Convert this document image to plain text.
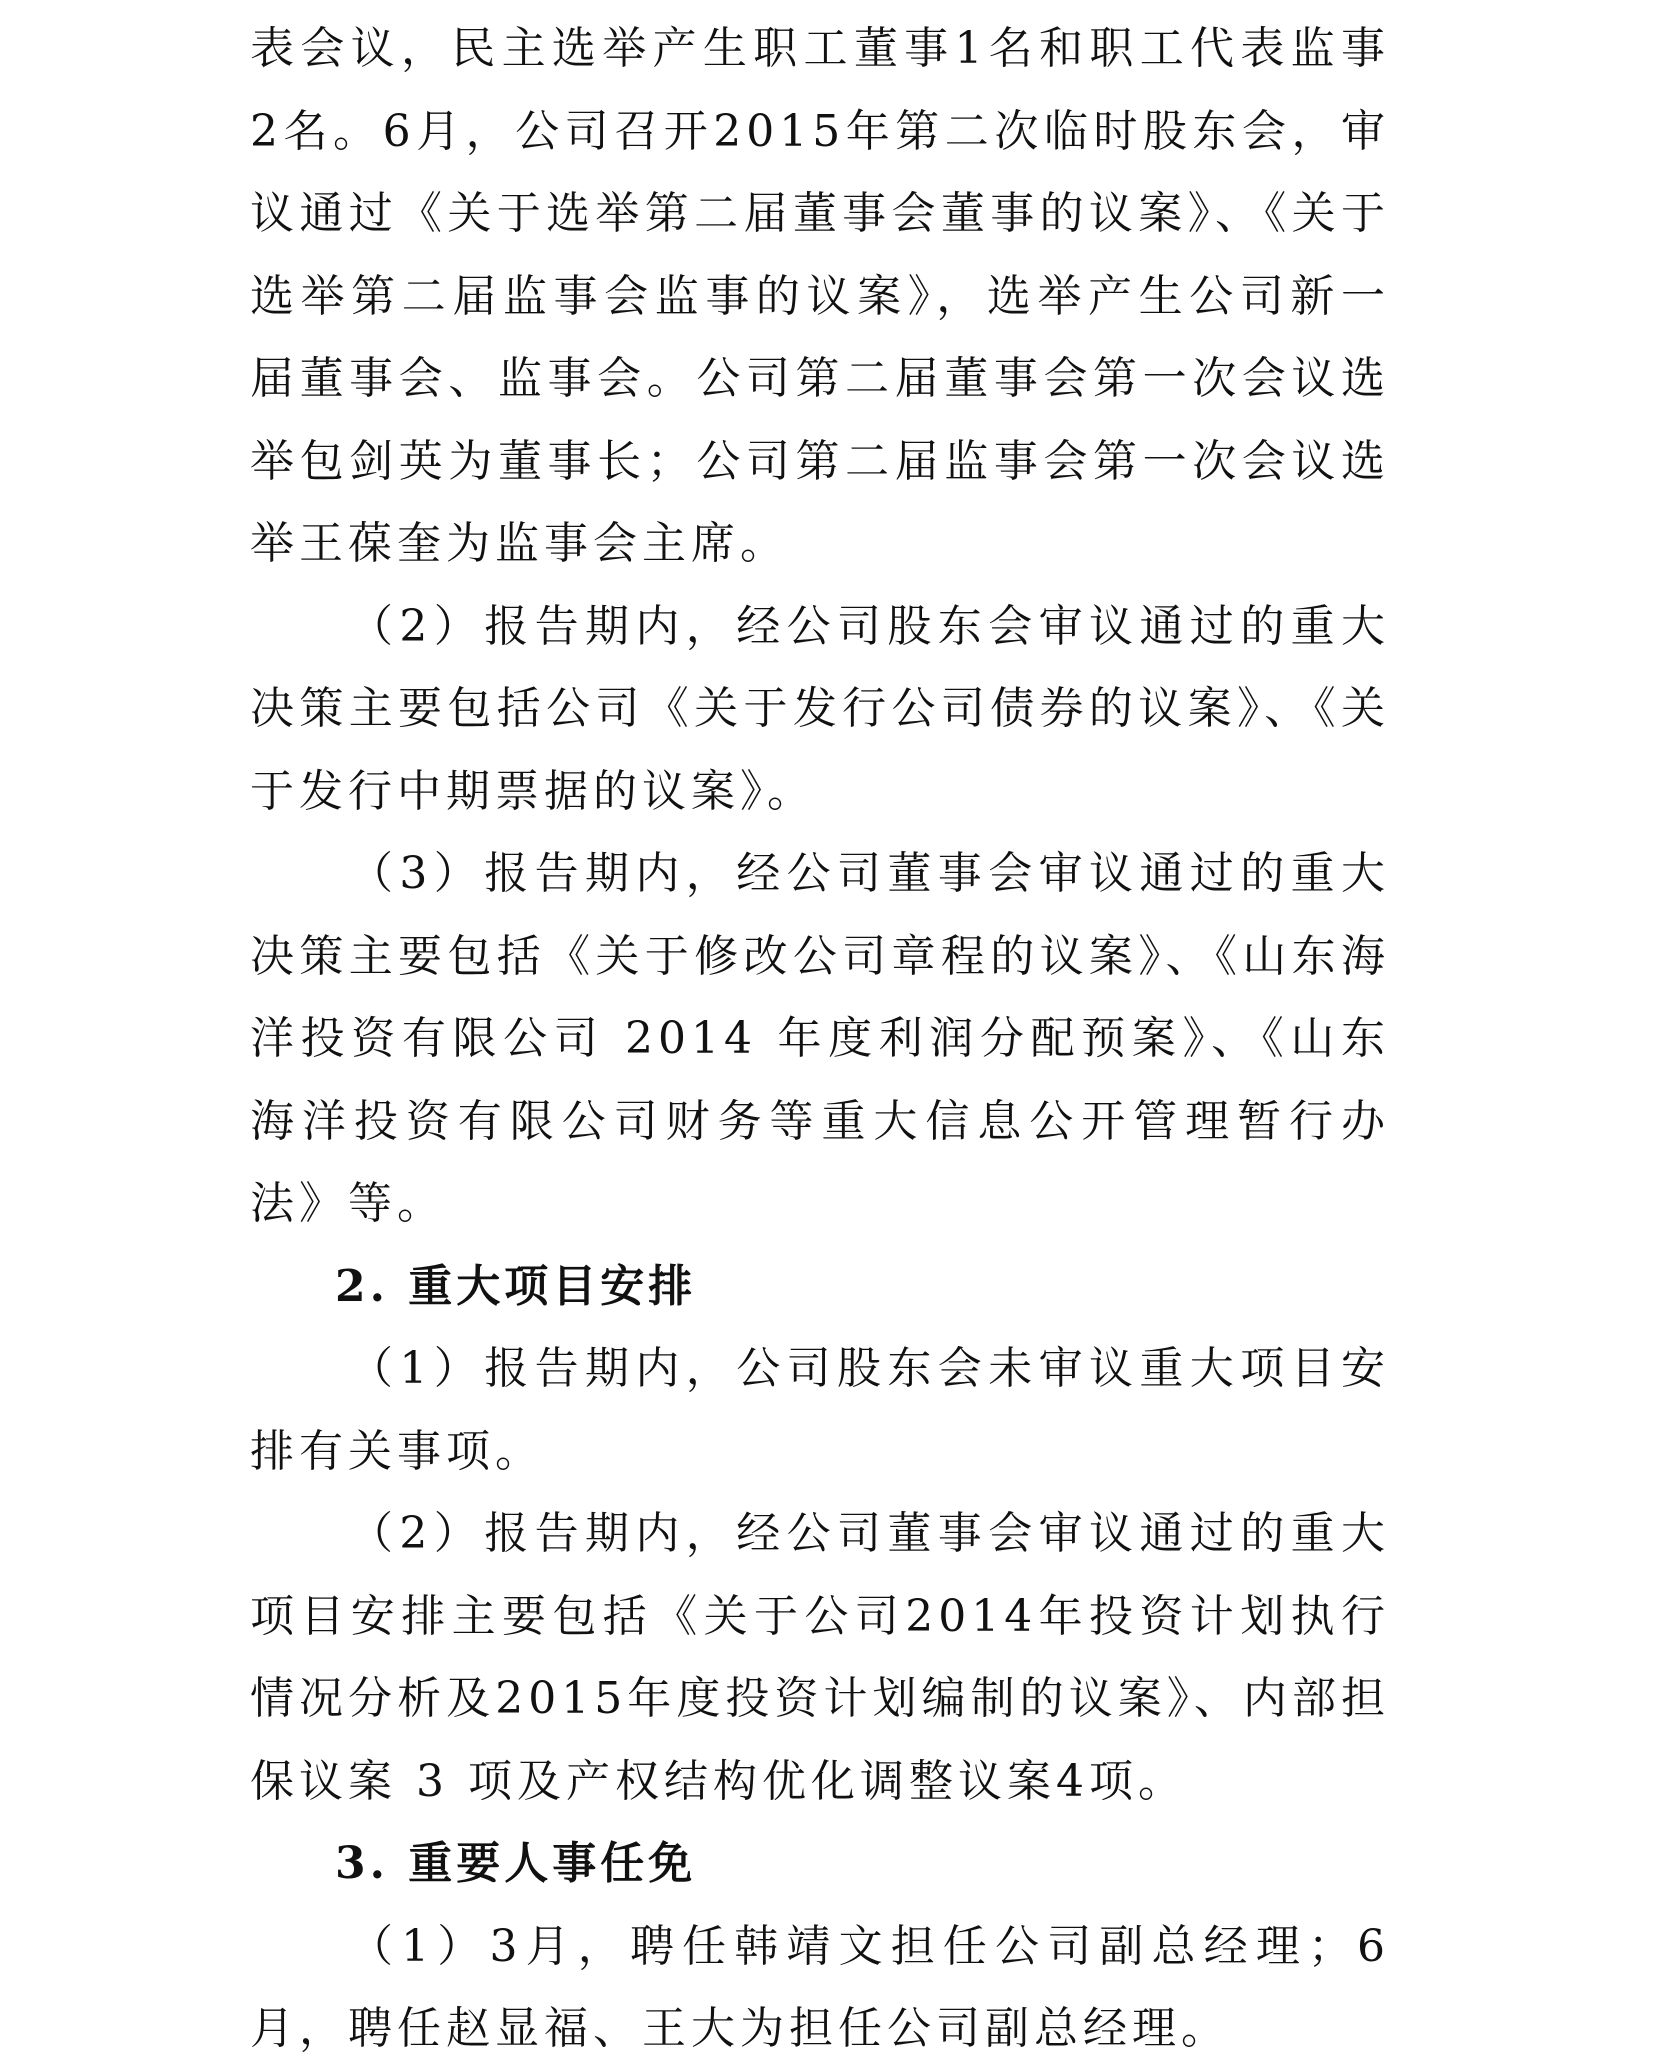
表会议，民主选举产生职工董事1名和职工代表监事2名。6月，公司召开2015年第二次临时股东会，审议通过《关于选举第二届董事会董事的议案》、《关于选举第二届监事会监事的议案》，选举产生公司新一届董事会、监事会。公司第二届董事会第一次会议选举包剑英为董事长；公司第二届监事会第一次会议选举王葆奎为监事会主席。

（2）报告期内，经公司股东会审议通过的重大决策主要包括公司《关于发行公司债券的议案》、《关于发行中期票据的议案》。

（3）报告期内，经公司董事会审议通过的重大决策主要包括《关于修改公司章程的议案》、《山东海洋投资有限公司 2014 年度利润分配预案》、《山东海洋投资有限公司财务等重大信息公开管理暂行办法》等。

2. 重大项目安排

（1）报告期内，公司股东会未审议重大项目安排有关事项。

（2）报告期内，经公司董事会审议通过的重大项目安排主要包括《关于公司2014年投资计划执行情况分析及2015年度投资计划编制的议案》、内部担保议案 3 项及产权结构优化调整议案4项。

3. 重要人事任免

（1）3月，聘任韩靖文担任公司副总经理；6月，聘任赵显福、王大为担任公司副总经理。
